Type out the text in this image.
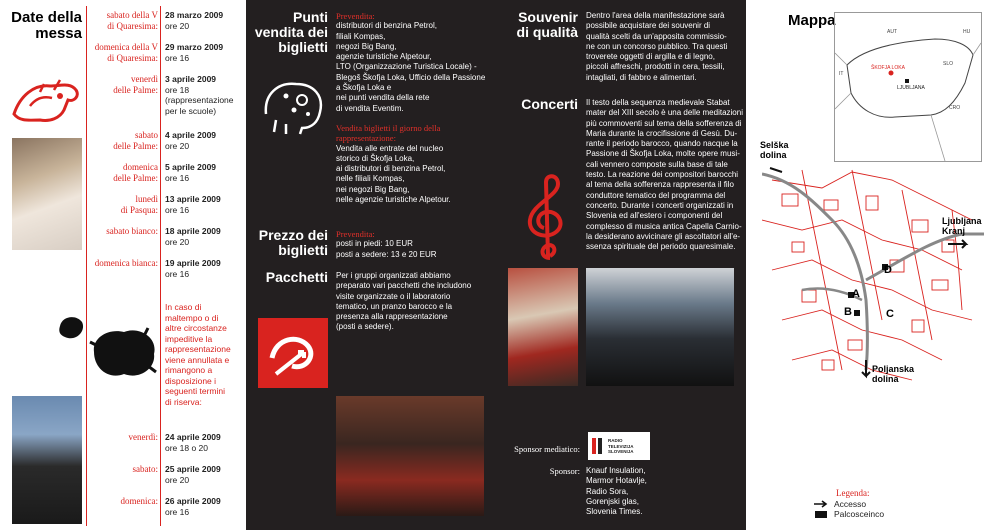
Date della
messa
sabato della V
di Quaresima:
28 marzo 2009
ore 20
domenica della V
di Quaresima:
29 marzo 2009
ore 16
venerdì
delle Palme:
3 aprile 2009
ore 18
(rappresentazione
per le scuole)
sabato
delle Palme:
4 aprile 2009
ore 20
domenica
delle Palme:
5 aprile 2009
ore 16
lunedì
di Pasqua:
13 aprile 2009
ore 16
sabato bianco: 18 aprile 2009
ore 20
domenica bianca: 19 aprile 2009
ore 16
In caso di
maltempo o di
altre circostanze
impeditive la
rappresentazione
viene annullata e
rimangono a
disposizione i
seguenti termini
di riserva:
venerdì: 24 aprile 2009
ore 18 o 20
sabato: 25 aprile 2009
ore 20
domenica: 26 aprile 2009
ore 16
Punti
vendita dei
biglietti
Prevendita:
distributori di benzina Petrol,
filiali Kompas,
negozi Big Bang,
agenzie turistiche Alpetour,
LTO (Organizzazione Turistica Locale) -
Blegoš Škofja Loka, Ufficio della Passione a Škofja Loka e
nei punti vendita della rete
di vendita Eventim.
Vendita biglietti il giorno della
rappresentazione:
Vendita alle entrate del nucleo
storico di Škofja Loka,
ai distributori di benzina Petrol,
nelle filiali Kompas,
nei negozi Big Bang,
nelle agenzie turistiche Alpetour.
Prezzo dei
biglietti
Prevendita:
posti in piedi: 10 EUR
posti a sedere: 13 e 20 EUR
Pacchetti Per i gruppi organizzati abbiamo
preparato vari pacchetti che includono
visite organizzate o il laboratorio
tematico, un pranzo barocco e la
presenza alla rappresentazione
(posti a sedere).
Souvenir
di qualità
Dentro l'area della manifestazione sarà
possibile acquistare dei souvenir di
qualità scelti da un'apposita commissio-
ne con un concorso pubblico. Tra questi
troverete oggetti di argilla e di legno,
piccoli affreschi, prodotti in cera, tessili,
intagliati, di fabbro e alimentari.
Concerti Il testo della sequenza medievale Stabat
mater del XIII secolo è una delle meditazioni
più commoventi sul tema della sofferenza di
Maria durante la crocifissione di Gesù. Du-
rante il periodo barocco, quando nacque la
Passione di Škofja Loka, molte opere musi-
cali vennero composte sulla base di tale
testo. La reazione dei compositori barocchi
al tema della sofferenza rappresenta il filo
conduttore tematico del programma del
concerto. Durante i concerti organizzati in
Slovenia ed all'estero i componenti del
complesso di musica antica Capella Carnio-
la desiderano avvicinare gli ascoltatori all'e-
ssenza spirituale del periodo quaresimale.
Sponsor mediatico:
RADIO
TELEVIZIJA
SLOVENIJA
Sponsor: Knauf Insulation,
Marmor Hotavlje,
Radio Sora,
Gorenjski glas,
Slovenia Times.
Mappa
AUT	HU
IT
SLO
CRO
ŠKOFJA LOKA
LJUBLJANA
Selška
dolina
Ljubljana
Kranj
Poljanska
dolina
A
B	C
D
Legenda:
Accesso
Palcosceinco
